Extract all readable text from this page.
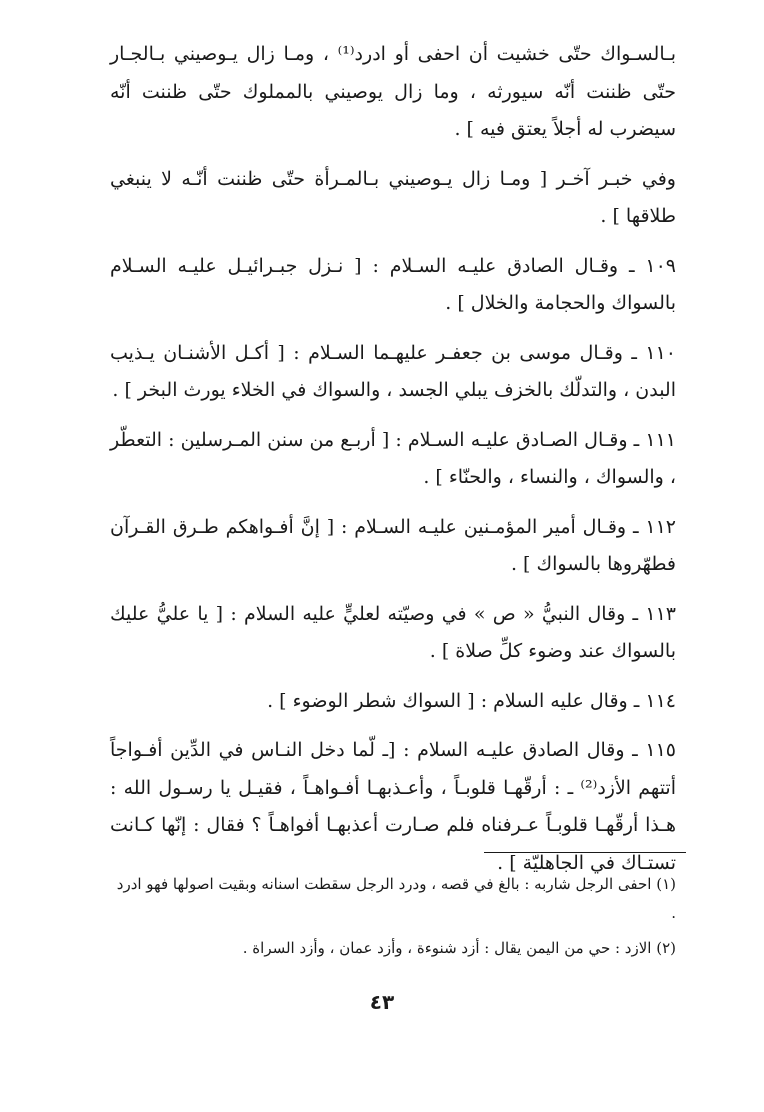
بـالسـواك حتّى خشيت أن احفى أو ادرد⁽¹⁾ ، ومـا زال يـوصيني بـالجـار حتّى ظننت أنّه سيورثه ، وما زال يوصيني بالمملوك حتّى ظننت أنّه سيضرب له أجلاً يعتق فيه ] .

وفي خبـر آخـر [ ومـا زال يـوصيني بـالمـرأة حتّى ظننت أنّـه لا ينبغي طلاقها ] .

١٠٩ ـ وقـال الصادق عليـه السـلام : [ نـزل جبـرائيـل عليـه السـلام بالسواك والحجامة والخلال ] .

١١٠ ـ وقـال موسى بن جعفـر عليهـما السـلام : [ أكـل الأشنـان يـذيب البدن ، والتدلّك بالخزف يبلي الجسد ، والسواك في الخلاء يورث البخر ] .

١١١ ـ وقـال الصـادق عليـه السـلام : [ أربـع من سنن المـرسلين : التعطّر ، والسواك ، والنساء ، والحنّاء ] .

١١٢ ـ وقـال أمير المؤمـنين عليـه السـلام : [ إنَّ أفـواهكم طـرق القـرآن فطهّروها بالسواك ] .

١١٣ ـ وقال النبيُّ « ص » في وصيّته لعليٍّ عليه السلام : [ يا عليُّ عليك بالسواك عند وضوء كلِّ صلاة ] .

١١٤ ـ وقال عليه السلام : [ السواك شطر الوضوء ] .

١١٥ ـ وقال الصادق عليـه السلام : [ـ لّما دخل النـاس في الدِّين أفـواجاً أتتهم الأزد⁽²⁾ ـ : أرقّهـا قلوبـاً ، وأعـذبهـا أفـواهـاً ، فقيـل يا رسـول الله : هـذا أرقّهـا قلوبـاً عـرفناه فلم صـارت أعذبهـا أفواهـاً ؟ فقال : إنّها كـانت تستـاك في الجاهليّة ] .

(١) احفى الرجل شاربه : بالغ في قصه ، ودرد الرجل سقطت اسنانه وبقيت اصولها فهو ادرد .

(٢) الازد : حي من اليمن يقال : أزد شنوءة ، وأزد عمان ، وأزد السراة .

٤٣
